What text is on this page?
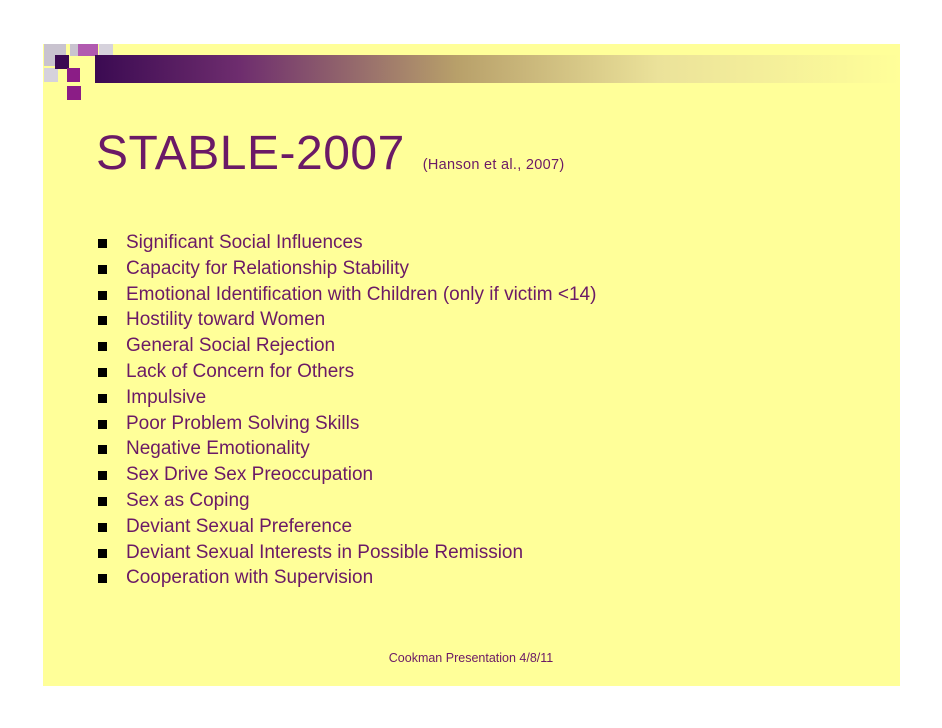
STABLE-2007 (Hanson et al., 2007)
Significant Social Influences
Capacity for Relationship Stability
Emotional Identification with Children (only if victim <14)
Hostility toward Women
General Social Rejection
Lack of Concern for Others
Impulsive
Poor Problem Solving Skills
Negative Emotionality
Sex Drive Sex Preoccupation
Sex as Coping
Deviant Sexual Preference
Deviant Sexual Interests in Possible Remission
Cooperation with Supervision
Cookman Presentation 4/8/11
